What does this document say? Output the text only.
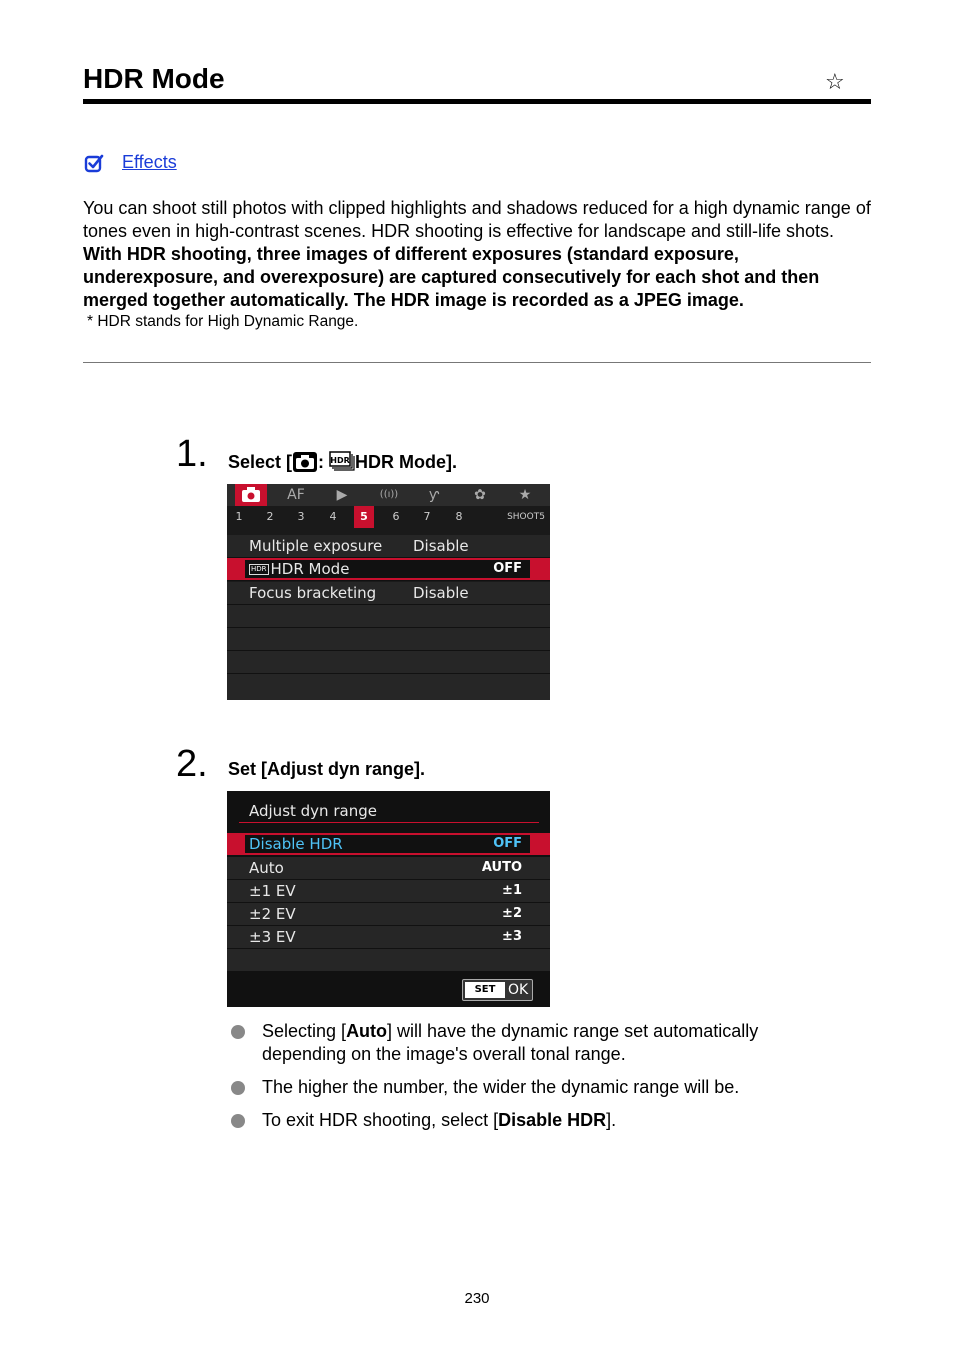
HDR Mode	☆
Effects

You can shoot still photos with clipped highlights and shadows reduced for a high dynamic range of tones even in high-contrast scenes. HDR shooting is effective for landscape and still-life shots.

With HDR shooting, three images of different exposures (standard exposure, underexposure, and overexposure) are captured consecutively for each shot and then merged together automatically. The HDR image is recorded as a JPEG image.

* HDR stands for High Dynamic Range.

1. Select [ : HDR HDR Mode].
AF	▶	((ı))	ƴ	✿	★
1	2	3	4	5	6	7	8	SHOOT5
Multiple exposure Disable
HDR HDR Mode	OFF
Focus bracketing Disable
2. Set [Adjust dyn range].
Adjust dyn range
Disable HDR	OFF
Auto	AUTO
±1 EV	±1
±2 EV	±2
±3 EV	±3
SET OK
Selecting [Auto] will have the dynamic range set automatically depending on the image's overall tonal range.
The higher the number, the wider the dynamic range will be.
To exit HDR shooting, select [Disable HDR].
230
